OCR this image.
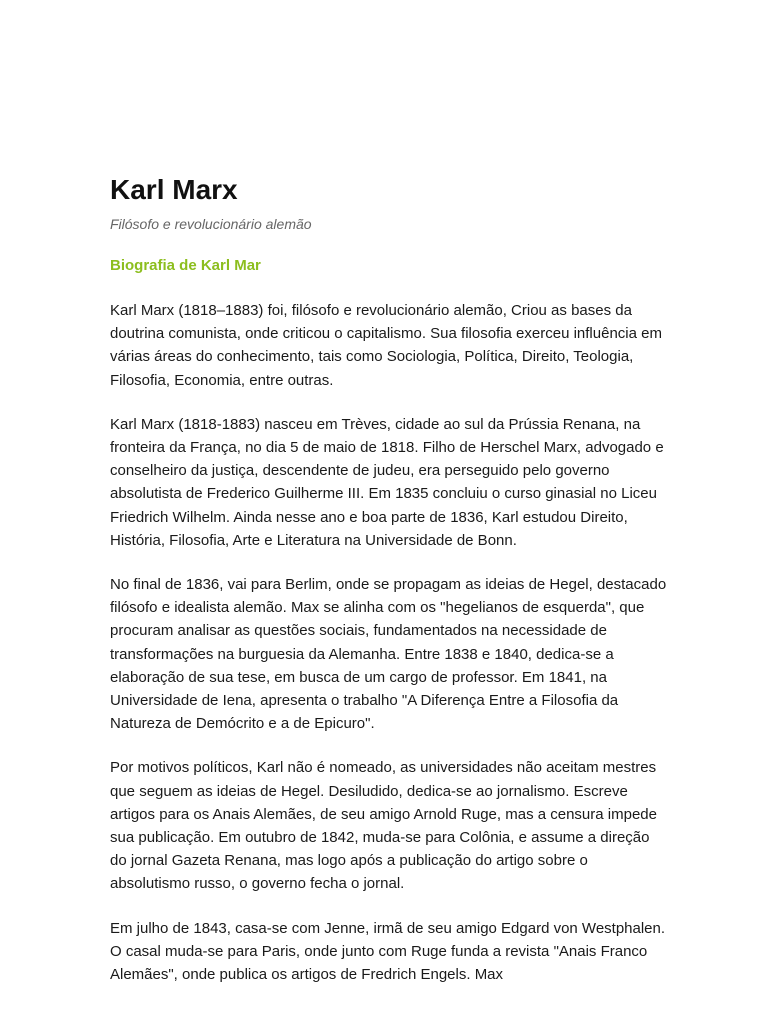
Karl Marx

Filósofo e revolucionário alemão

Biografia de Karl Mar

Karl Marx (1818–1883) foi, filósofo e revolucionário alemão, Criou as bases da doutrina comunista, onde criticou o capitalismo. Sua filosofia exerceu influência em várias áreas do conhecimento, tais como Sociologia, Política, Direito, Teologia, Filosofia, Economia, entre outras.

Karl Marx (1818-1883) nasceu em Trèves, cidade ao sul da Prússia Renana, na fronteira da França, no dia 5 de maio de 1818. Filho de Herschel Marx, advogado e conselheiro da justiça, descendente de judeu, era perseguido pelo governo absolutista de Frederico Guilherme III. Em 1835 concluiu o curso ginasial no Liceu Friedrich Wilhelm. Ainda nesse ano e boa parte de 1836, Karl estudou Direito, História, Filosofia, Arte e Literatura na Universidade de Bonn.

No final de 1836, vai para Berlim, onde se propagam as ideias de Hegel, destacado filósofo e idealista alemão. Max se alinha com os "hegelianos de esquerda", que procuram analisar as questões sociais, fundamentados na necessidade de transformações na burguesia da Alemanha. Entre 1838 e 1840, dedica-se a elaboração de sua tese, em busca de um cargo de professor. Em 1841, na Universidade de Iena, apresenta o trabalho "A Diferença Entre a Filosofia da Natureza de Demócrito e a de Epicuro".

Por motivos políticos, Karl não é nomeado, as universidades não aceitam mestres que seguem as ideias de Hegel. Desiludido, dedica-se ao jornalismo. Escreve artigos para os Anais Alemães, de seu amigo Arnold Ruge, mas a censura impede sua publicação. Em outubro de 1842, muda-se para Colônia, e assume a direção do jornal Gazeta Renana, mas logo após a publicação do artigo sobre o absolutismo russo, o governo fecha o jornal.

Em julho de 1843, casa-se com Jenne, irmã de seu amigo Edgard von Westphalen. O casal muda-se para Paris, onde junto com Ruge funda a revista "Anais Franco Alemães", onde publica os artigos de Fredrich Engels. Max
